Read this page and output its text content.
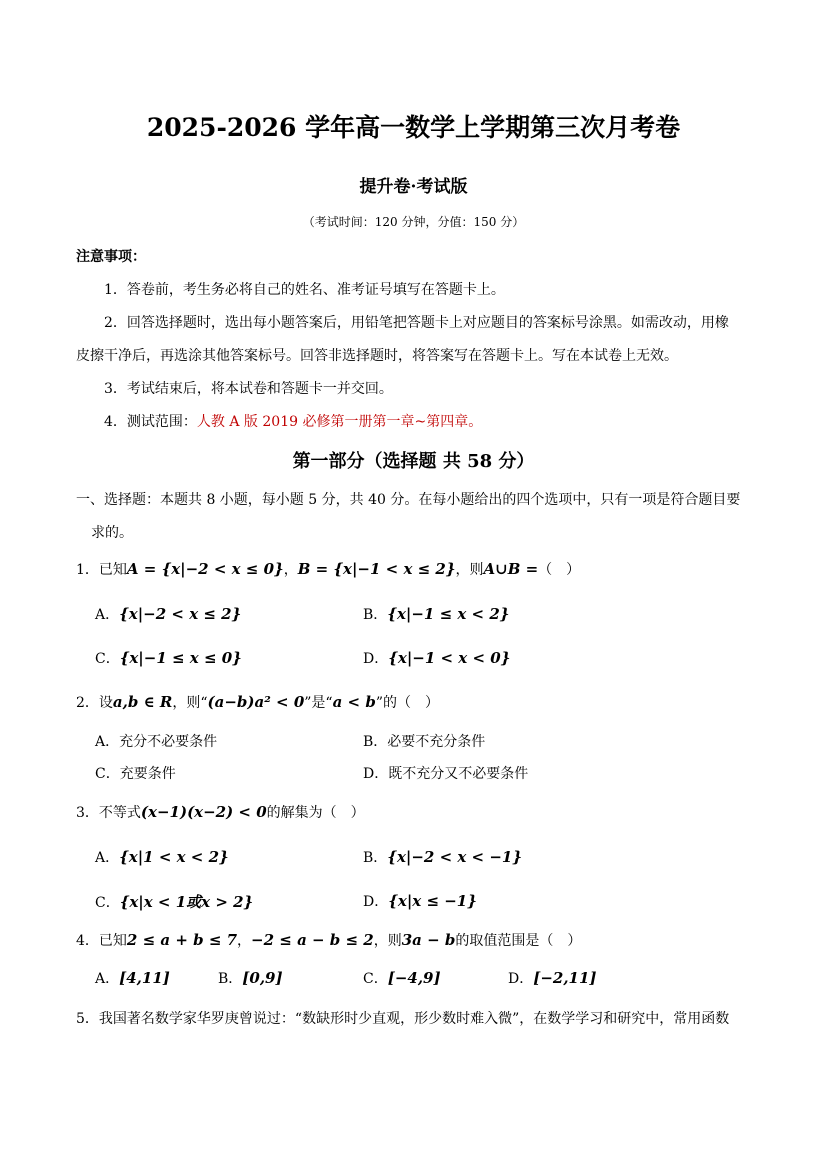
2025-2026 学年高一数学上学期第三次月考卷
提升卷·考试版
（考试时间：120 分钟，分值：150 分）
注意事项：
1．答卷前，考生务必将自己的姓名、准考证号填写在答题卡上。
2．回答选择题时，选出每小题答案后，用铅笔把答题卡上对应题目的答案标号涂黑。如需改动，用橡
皮擦干净后，再选涂其他答案标号。回答非选择题时，将答案写在答题卡上。写在本试卷上无效。
3．考试结束后，将本试卷和答题卡一并交回。
4．测试范围：人教 A 版 2019 必修第一册第一章~第四章。
第一部分（选择题 共 58 分）
一、选择题：本题共 8 小题，每小题 5 分，共 40 分。在每小题给出的四个选项中，只有一项是符合题目要
求的。
1．已知A = {x|−2 < x ≤ 0}，B = {x|−1 < x ≤ 2}，则A∪B =（　）
A．{x|−2 < x ≤ 2}	B．{x|−1 ≤ x < 2}
C．{x|−1 ≤ x ≤ 0}	D．{x|−1 < x < 0}
2．设a,b ∈ R，则“(a−b)a² < 0”是“a < b”的（　）
A．充分不必要条件	B．必要不充分条件
C．充要条件	D．既不充分又不必要条件
3．不等式(x−1)(x−2) < 0的解集为（　）
A．{x|1 < x < 2}	B．{x|−2 < x < −1}
C．{x|x < 1或x > 2}	D．{x|x ≤ −1}
4．已知2 ≤ a + b ≤ 7，−2 ≤ a − b ≤ 2，则3a − b的取值范围是（　）
A．[4,11]	B．[0,9]	C．[−4,9]	D．[−2,11]
5．我国著名数学家华罗庚曾说过：“数缺形时少直观，形少数时难入微”，在数学学习和研究中，常用函数
